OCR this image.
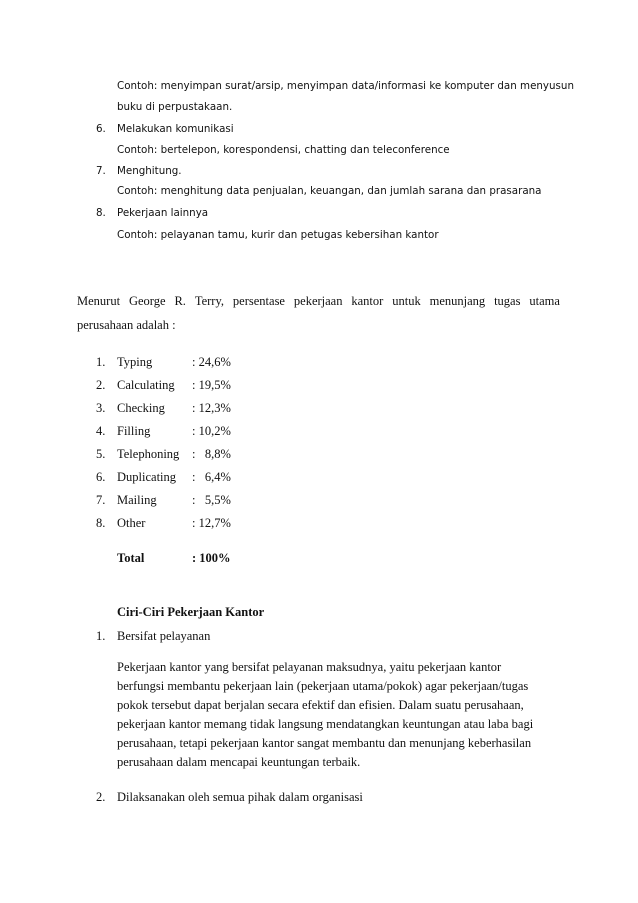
Contoh: menyimpan surat/arsip, menyimpan data/informasi ke komputer dan menyusun
buku di perpustakaan.
6. Melakukan komunikasi
Contoh: bertelepon, korespondensi, chatting dan teleconference
7. Menghitung.
Contoh: menghitung data penjualan, keuangan, dan jumlah sarana dan prasarana
8. Pekerjaan lainnya
Contoh: pelayanan tamu, kurir dan petugas kebersihan kantor
Menurut George R. Terry, persentase pekerjaan kantor untuk menunjang tugas utama
perusahaan adalah :
1. Typing	: 24,6%
2. Calculating : 19,5%
3. Checking : 12,3%
4. Filling	: 10,2%
5. Telephoning :   8,8%
6. Duplicating :   6,4%
7. Mailing	:   5,5%
8. Other	: 12,7%
Total	: 100%
Ciri-Ciri Pekerjaan Kantor
1. Bersifat pelayanan
Pekerjaan kantor yang bersifat pelayanan maksudnya, yaitu pekerjaan kantor
berfungsi membantu pekerjaan lain (pekerjaan utama/pokok) agar pekerjaan/tugas
pokok tersebut dapat berjalan secara efektif dan efisien. Dalam suatu perusahaan,
pekerjaan kantor memang tidak langsung mendatangkan keuntungan atau laba bagi
perusahaan, tetapi pekerjaan kantor sangat membantu dan menunjang keberhasilan
perusahaan dalam mencapai keuntungan terbaik.
2. Dilaksanakan oleh semua pihak dalam organisasi
